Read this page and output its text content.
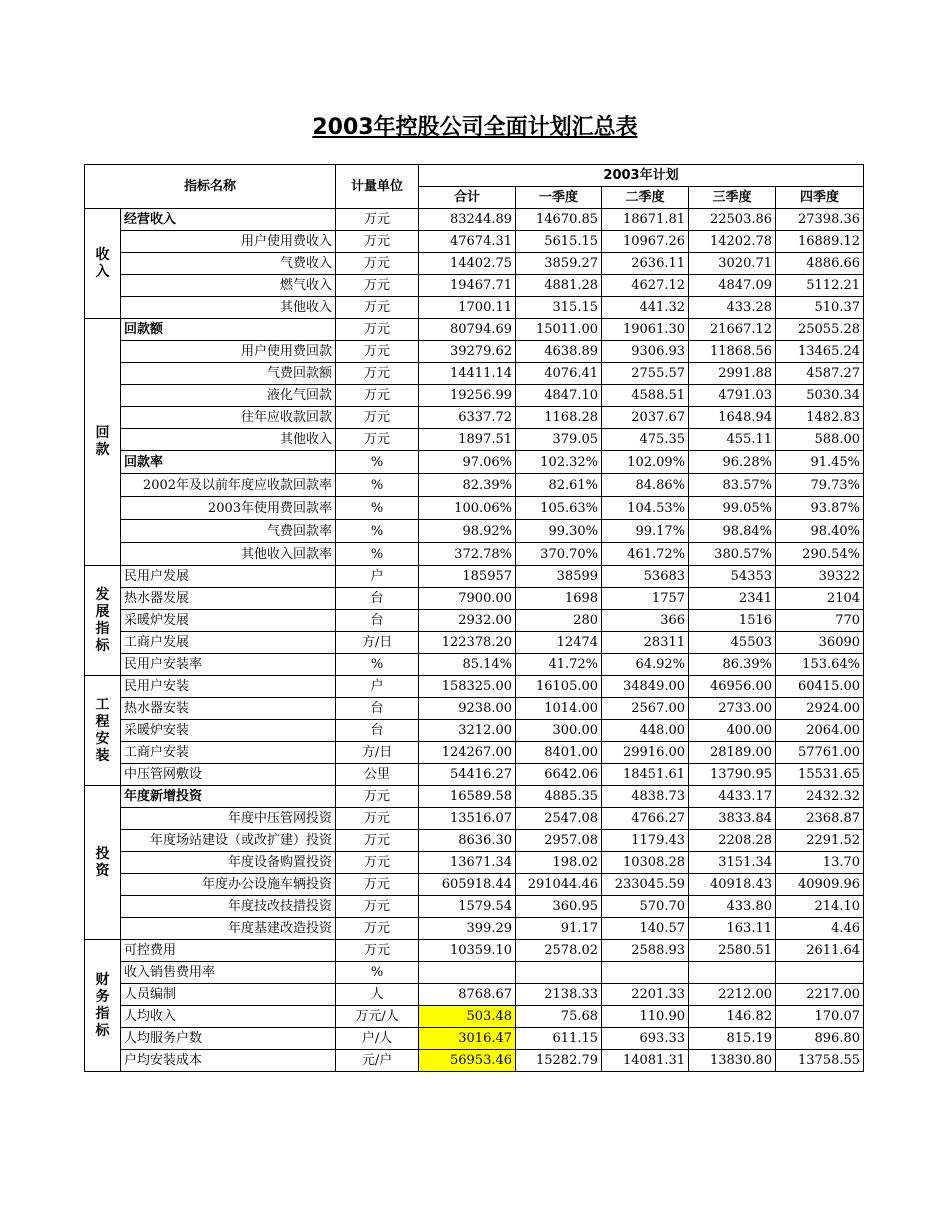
2003年控股公司全面计划汇总表
指标名称		计量单位	2003年计划				
			合计	一季度	二季度	三季度	四季度
收入	经营收入	万元	83244.89	14670.85	18671.81	22503.86	27398.36
	用户使用费收入	万元	47674.31	5615.15	10967.26	14202.78	16889.12
	气费收入	万元	14402.75	3859.27	2636.11	3020.71	4886.66
	燃气收入	万元	19467.71	4881.28	4627.12	4847.09	5112.21
	其他收入	万元	1700.11	315.15	441.32	433.28	510.37
回款	回款额	万元	80794.69	15011.00	19061.30	21667.12	25055.28
	用户使用费回款	万元	39279.62	4638.89	9306.93	11868.56	13465.24
	气费回款额	万元	14411.14	4076.41	2755.57	2991.88	4587.27
	液化气回款	万元	19256.99	4847.10	4588.51	4791.03	5030.34
	往年应收款回款	万元	6337.72	1168.28	2037.67	1648.94	1482.83
	其他收入	万元	1897.51	379.05	475.35	455.11	588.00
	回款率	%	97.06%	102.32%	102.09%	96.28%	91.45%
	2002年及以前年度应收款回款率	%	82.39%	82.61%	84.86%	83.57%	79.73%
	2003年使用费回款率	%	100.06%	105.63%	104.53%	99.05%	93.87%
	气费回款率	%	98.92%	99.30%	99.17%	98.84%	98.40%
	其他收入回款率	%	372.78%	370.70%	461.72%	380.57%	290.54%
发展指标	民用户发展	户	185957	38599	53683	54353	39322
	热水器发展	台	7900.00	1698	1757	2341	2104
	采暖炉发展	台	2932.00	280	366	1516	770
	工商户发展	方/日	122378.20	12474	28311	45503	36090
	民用户安装率	%	85.14%	41.72%	64.92%	86.39%	153.64%
工程安装	民用户安装	户	158325.00	16105.00	34849.00	46956.00	60415.00
	热水器安装	台	9238.00	1014.00	2567.00	2733.00	2924.00
	采暖炉安装	台	3212.00	300.00	448.00	400.00	2064.00
	工商户安装	方/日	124267.00	8401.00	29916.00	28189.00	57761.00
	中压管网敷设	公里	54416.27	6642.06	18451.61	13790.95	15531.65
投资	年度新增投资	万元	16589.58	4885.35	4838.73	4433.17	2432.32
	年度中压管网投资	万元	13516.07	2547.08	4766.27	3833.84	2368.87
	年度场站建设（或改扩建）投资	万元	8636.30	2957.08	1179.43	2208.28	2291.52
	年度设备购置投资	万元	13671.34	198.02	10308.28	3151.34	13.70
	年度办公设施车辆投资	万元	605918.44	291044.46	233045.59	40918.43	40909.96
	年度技改技措投资	万元	1579.54	360.95	570.70	433.80	214.10
	年度基建改造投资	万元	399.29	91.17	140.57	163.11	4.46
财务指标	可控费用	万元	10359.10	2578.02	2588.93	2580.51	2611.64
	收入销售费用率	%					
	人员编制	人	8768.67	2138.33	2201.33	2212.00	2217.00
	人均收入	万元/人	503.48	75.68	110.90	146.82	170.07
	人均服务户数	户/人	3016.47	611.15	693.33	815.19	896.80
	户均安装成本	元/户	56953.46	15282.79	14081.31	13830.80	13758.55
